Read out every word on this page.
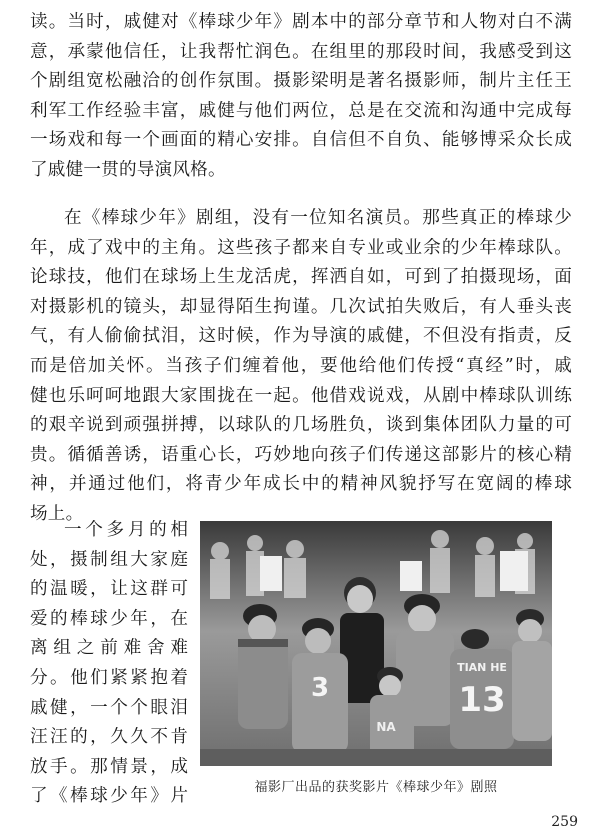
读。当时，戚健对《棒球少年》剧本中的部分章节和人物对白不满
意，承蒙他信任，让我帮忙润色。在组里的那段时间，我感受到这
个剧组宽松融洽的创作氛围。摄影梁明是著名摄影师，制片主任王
利军工作经验丰富，戚健与他们两位，总是在交流和沟通中完成每
一场戏和每一个画面的精心安排。自信但不自负、能够博采众长成
了戚健一贯的导演风格。
在《棒球少年》剧组，没有一位知名演员。那些真正的棒球少
年，成了戏中的主角。这些孩子都来自专业或业余的少年棒球队。
论球技，他们在球场上生龙活虎，挥洒自如，可到了拍摄现场，面
对摄影机的镜头，却显得陌生拘谨。几次试拍失败后，有人垂头丧
气，有人偷偷拭泪，这时候，作为导演的戚健，不但没有指责，反
而是倍加关怀。当孩子们缠着他，要他给他们传授“真经”时，戚
健也乐呵呵地跟大家围拢在一起。他借戏说戏，从剧中棒球队训练
的艰辛说到顽强拼搏，以球队的几场胜负，谈到集体团队力量的可
贵。循循善诱，语重心长，巧妙地向孩子们传递这部影片的核心精
神，并通过他们，将青少年成长中的精神风貌抒写在宽阔的棒球
场上。
一个多月的相
处，摄制组大家庭
的温暖，让这群可
爱的棒球少年，在
离组之前难舍难
分。他们紧紧抱着
戚健，一个个眼泪
汪汪的，久久不肯
放手。那情景，成
了《棒球少年》片
3
TIAN HE
13
NA
福影厂出品的获奖影片《棒球少年》剧照
259
